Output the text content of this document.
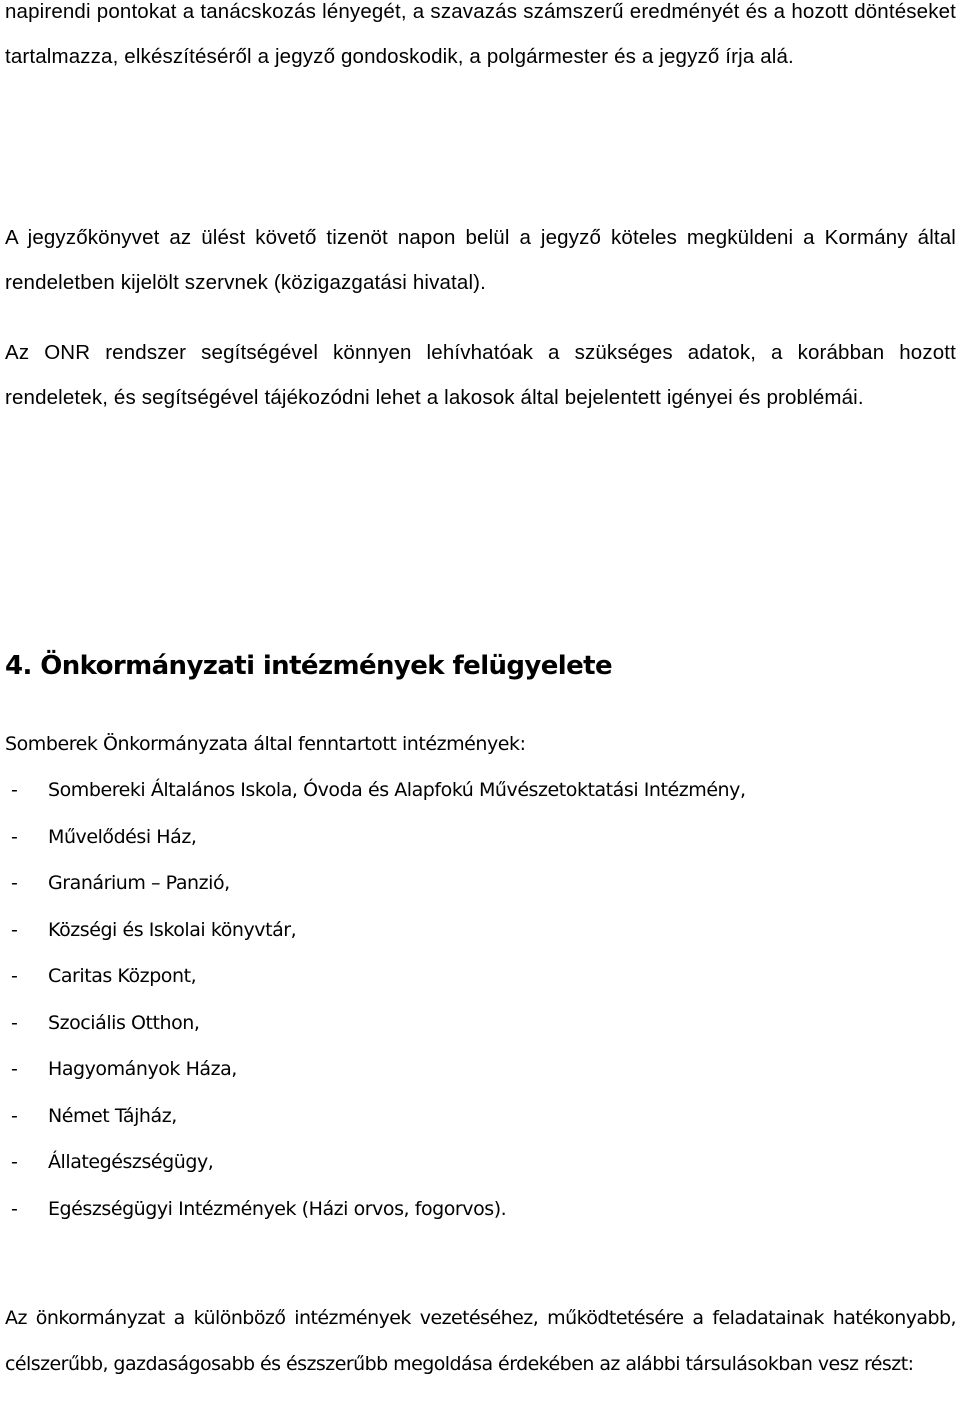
napirendi pontokat a tanácskozás lényegét, a szavazás számszerű eredményét és a hozott döntéseket tartalmazza, elkészítéséről a jegyző gondoskodik, a polgármester és a jegyző írja alá.

A jegyzőkönyvet az ülést követő tizenöt napon belül a jegyző köteles megküldeni a Kormány által rendeletben kijelölt szervnek (közigazgatási hivatal).

Az ONR rendszer segítségével könnyen lehívhatóak a szükséges adatok, a korábban hozott rendeletek, és segítségével tájékozódni lehet a lakosok által bejelentett igényei és problémái.

4. Önkormányzati intézmények felügyelete

Somberek Önkormányzata által fenntartott intézmények:

-	Sombereki Általános Iskola, Óvoda és Alapfokú Művészetoktatási Intézmény,
-	Művelődési Ház,
-	Granárium – Panzió,
-	Községi és Iskolai könyvtár,
-	Caritas Központ,
-	Szociális Otthon,
-	Hagyományok Háza,
-	Német Tájház,
-	Állategészségügy,
-	Egészségügyi Intézmények (Házi orvos, fogorvos).

Az önkormányzat a különböző intézmények vezetéséhez, működtetésére a feladatainak hatékonyabb, célszerűbb, gazdaságosabb és észszerűbb megoldása érdekében az alábbi társulásokban vesz részt:
